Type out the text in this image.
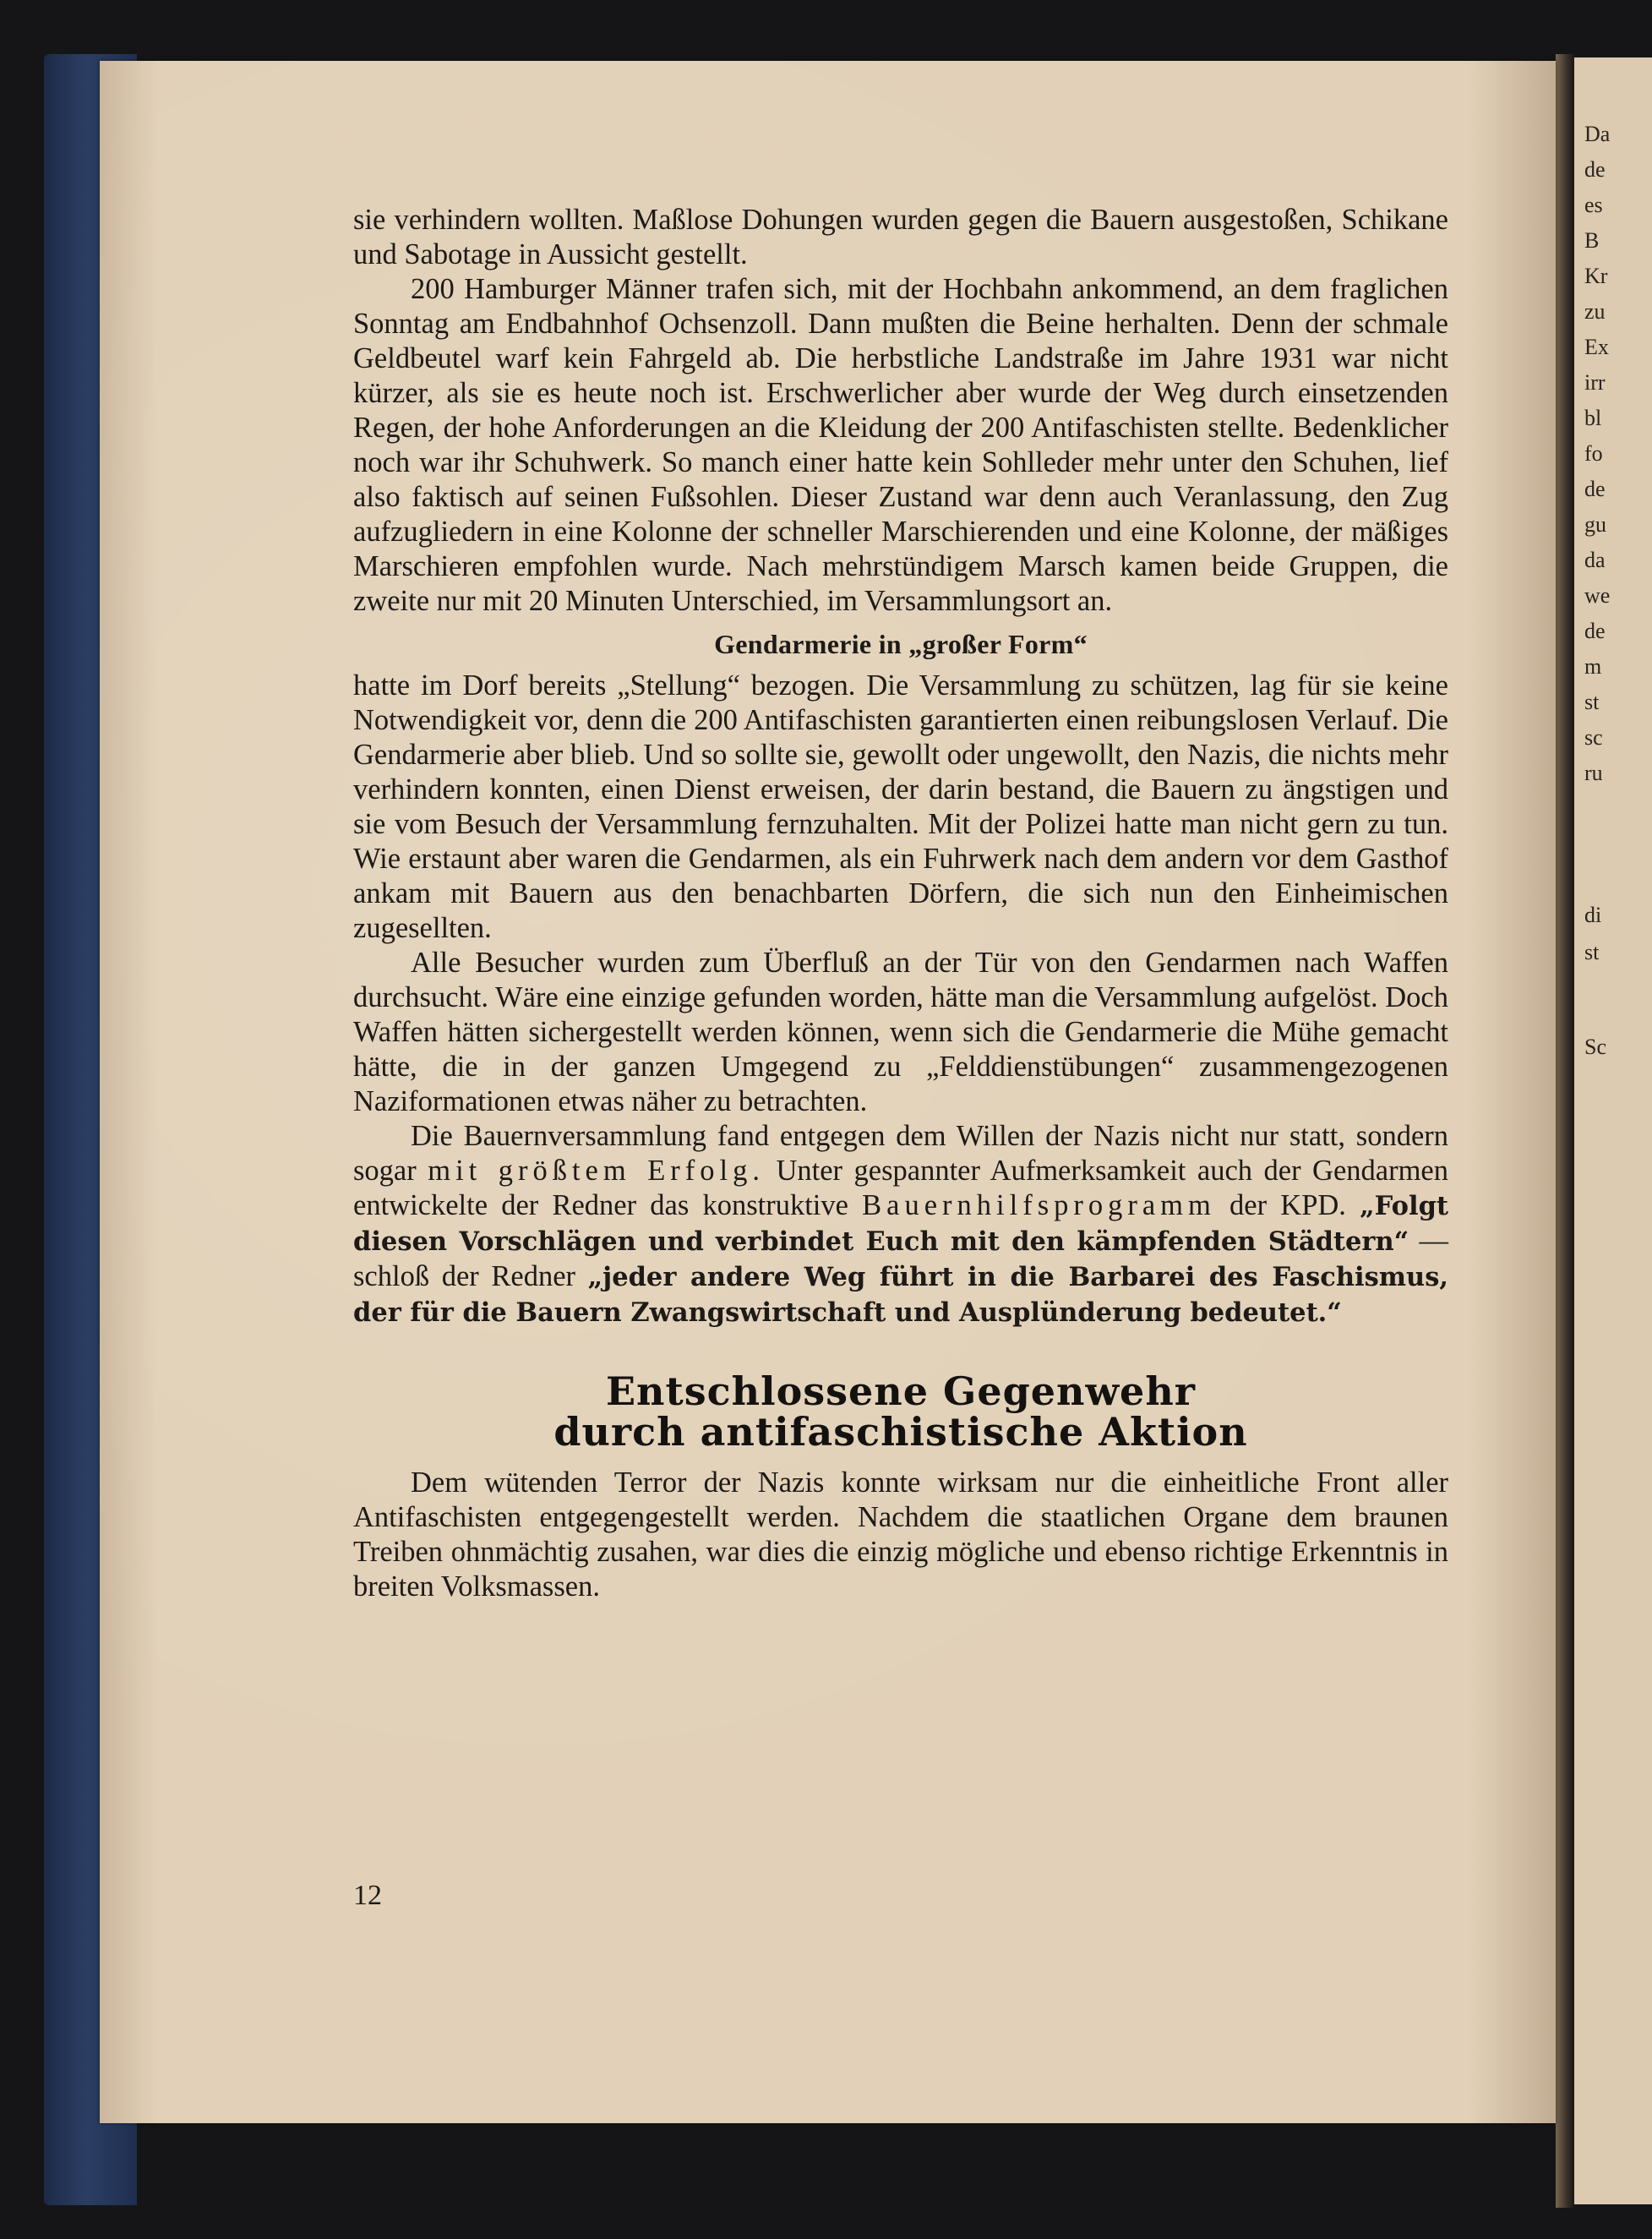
Da
de
es
B
Kr
zu
Ex
irr
bl
fo
de
gu
da
we
de
m
st
sc
ru
di
st
Sc

sie verhindern wollten. Maßlose Dohungen wurden gegen die Bauern ausgestoßen, Schikane und Sabotage in Aussicht gestellt.

200 Hamburger Männer trafen sich, mit der Hochbahn ankommend, an dem fraglichen Sonntag am Endbahnhof Ochsenzoll. Dann mußten die Beine herhalten. Denn der schmale Geldbeutel warf kein Fahrgeld ab. Die herbstliche Landstraße im Jahre 1931 war nicht kürzer, als sie es heute noch ist. Erschwerlicher aber wurde der Weg durch einsetzenden Regen, der hohe Anforderungen an die Kleidung der 200 Antifaschisten stellte. Bedenklicher noch war ihr Schuhwerk. So manch einer hatte kein Sohlleder mehr unter den Schuhen, lief also faktisch auf seinen Fußsohlen. Dieser Zustand war denn auch Veranlassung, den Zug aufzugliedern in eine Kolonne der schneller Marschierenden und eine Kolonne, der mäßiges Marschieren empfohlen wurde. Nach mehrstündigem Marsch kamen beide Gruppen, die zweite nur mit 20 Minuten Unterschied, im Versammlungsort an.

Gendarmerie in „großer Form“

hatte im Dorf bereits „Stellung“ bezogen. Die Versammlung zu schützen, lag für sie keine Notwendigkeit vor, denn die 200 Antifaschisten garantierten einen reibungslosen Verlauf. Die Gendarmerie aber blieb. Und so sollte sie, gewollt oder ungewollt, den Nazis, die nichts mehr verhindern konnten, einen Dienst erweisen, der darin bestand, die Bauern zu ängstigen und sie vom Besuch der Versammlung fernzuhalten. Mit der Polizei hatte man nicht gern zu tun. Wie erstaunt aber waren die Gendarmen, als ein Fuhrwerk nach dem andern vor dem Gasthof ankam mit Bauern aus den benachbarten Dörfern, die sich nun den Einheimischen zugesellten.

Alle Besucher wurden zum Überfluß an der Tür von den Gendarmen nach Waffen durchsucht. Wäre eine einzige gefunden worden, hätte man die Versammlung aufgelöst. Doch Waffen hätten sichergestellt werden können, wenn sich die Gendarmerie die Mühe gemacht hätte, die in der ganzen Umgegend zu „Felddienstübungen“ zusammengezogenen Naziformationen etwas näher zu betrachten.

Die Bauernversammlung fand entgegen dem Willen der Nazis nicht nur statt, sondern sogar mit größtem Erfolg. Unter gespannter Aufmerksamkeit auch der Gendarmen entwickelte der Redner das konstruktive Bauernhilfsprogramm der KPD. „Folgt diesen Vorschlägen und verbindet Euch mit den kämpfenden Städtern“ — schloß der Redner „jeder andere Weg führt in die Barbarei des Faschismus, der für die Bauern Zwangswirtschaft und Ausplünderung bedeutet.“

Entschlossene Gegenwehr
durch antifaschistische Aktion

Dem wütenden Terror der Nazis konnte wirksam nur die einheitliche Front aller Antifaschisten entgegengestellt werden. Nachdem die staatlichen Organe dem braunen Treiben ohnmächtig zusahen, war dies die einzig mögliche und ebenso richtige Erkenntnis in breiten Volksmassen.

12
